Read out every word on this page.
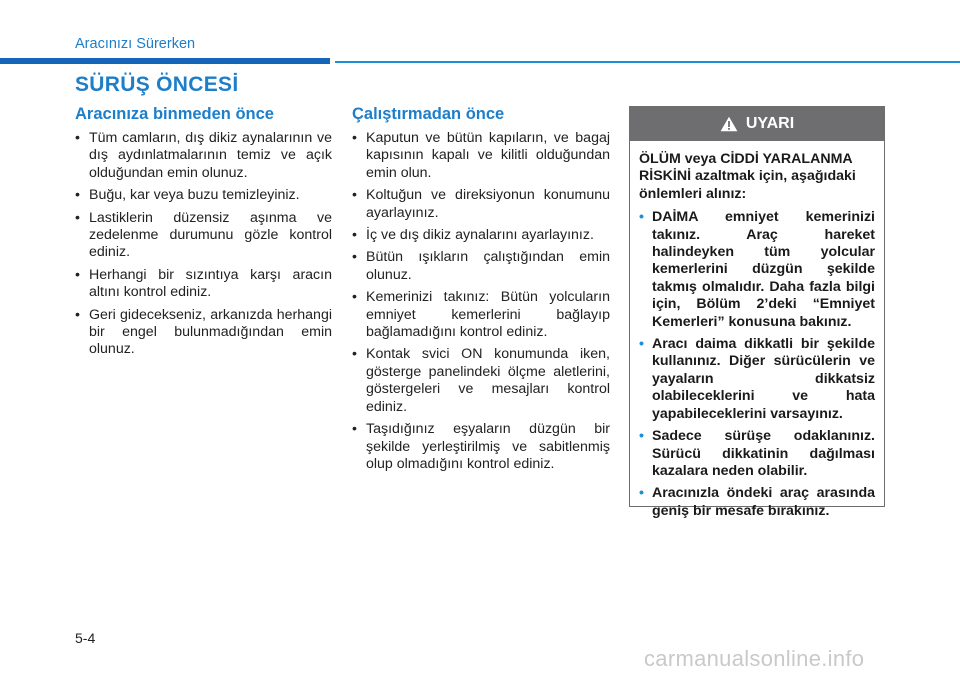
Aracınızı Sürerken
SÜRÜŞ ÖNCESİ
Aracınıza binmeden önce
• Tüm camların, dış dikiz aynalarının ve dış aydınlatmalarının temiz ve açık olduğundan emin olunuz.
• Buğu, kar veya buzu temizleyiniz.
• Lastiklerin düzensiz aşınma ve zedelenme durumunu gözle kontrol ediniz.
• Herhangi bir sızıntıya karşı aracın altını kontrol ediniz.
• Geri gidecekseniz, arkanızda herhangi bir engel bulunmadığından emin olunuz.
Çalıştırmadan önce
• Kaputun ve bütün kapıların, ve bagaj kapısının kapalı ve kilitli olduğundan emin olun.
• Koltuğun ve direksiyonun konumunu ayarlayınız.
• İç ve dış dikiz aynalarını ayarlayınız.
• Bütün ışıkların çalıştığından emin olunuz.
• Kemerinizi takınız: Bütün yolcuların emniyet kemerlerini bağlayıp bağlamadığını kontrol ediniz.
• Kontak svici ON konumunda iken, gösterge panelindeki ölçme aletlerini, göstergeleri ve mesajları kontrol ediniz.
• Taşıdığınız eşyaların düzgün bir şekilde yerleştirilmiş ve sabitlenmiş olup olmadığını kontrol ediniz.
UYARI

ÖLÜM veya CİDDİ YARALANMA RİSKİNİ azaltmak için, aşağıdaki önlemleri alınız:

• DAİMA emniyet kemerinizi takınız. Araç hareket halindeyken tüm yolcular kemerlerini düzgün şekilde takmış olmalıdır. Daha fazla bilgi için, Bölüm 2’deki “Emniyet Kemerleri” konusuna bakınız.
• Aracı daima dikkatli bir şekilde kullanınız. Diğer sürücülerin ve yayaların dikkatsiz olabileceklerini ve hata yapabileceklerini varsayınız.
• Sadece sürüşe odaklanınız. Sürücü dikkatinin dağılması kazalara neden olabilir.
• Aracınızla öndeki araç arasında geniş bir mesafe bırakınız.
5-4
carmanualsonline.info
